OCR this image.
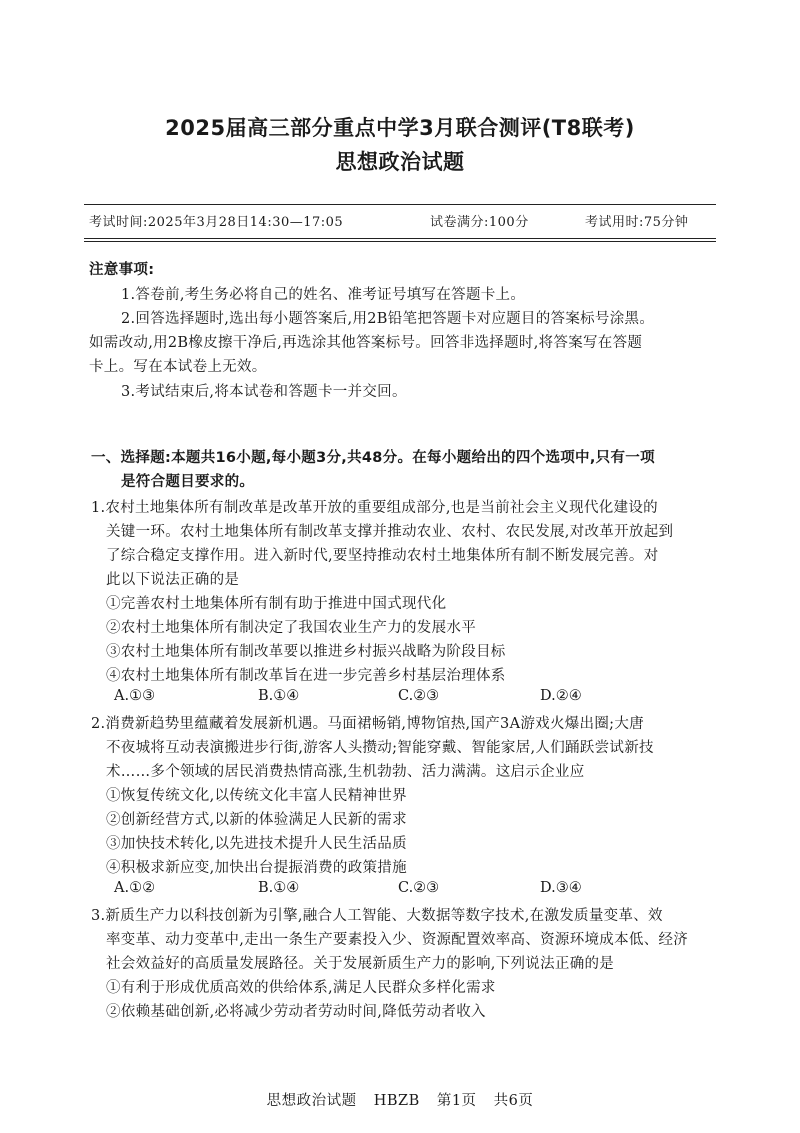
2025届高三部分重点中学3月联合测评(T8联考)
思想政治试题
考试时间:2025年3月28日14:30—17:05	试卷满分:100分	考试用时:75分钟
注意事项:
1.答卷前,考生务必将自己的姓名、准考证号填写在答题卡上。
2.回答选择题时,选出每小题答案后,用2B铅笔把答题卡对应题目的答案标号涂黑。
如需改动,用2B橡皮擦干净后,再选涂其他答案标号。回答非选择题时,将答案写在答题
卡上。写在本试卷上无效。
3.考试结束后,将本试卷和答题卡一并交回。
一、选择题:本题共16小题,每小题3分,共48分。在每小题给出的四个选项中,只有一项
是符合题目要求的。
1.农村土地集体所有制改革是改革开放的重要组成部分,也是当前社会主义现代化建设的
关键一环。农村土地集体所有制改革支撑并推动农业、农村、农民发展,对改革开放起到
了综合稳定支撑作用。进入新时代,要坚持推动农村土地集体所有制不断发展完善。对
此以下说法正确的是
①完善农村土地集体所有制有助于推进中国式现代化
②农村土地集体所有制决定了我国农业生产力的发展水平
③农村土地集体所有制改革要以推进乡村振兴战略为阶段目标
④农村土地集体所有制改革旨在进一步完善乡村基层治理体系
A.①③	B.①④	C.②③	D.②④
2.消费新趋势里蕴藏着发展新机遇。马面裙畅销,博物馆热,国产3A游戏火爆出圈;大唐
不夜城将互动表演搬进步行街,游客人头攒动;智能穿戴、智能家居,人们踊跃尝试新技
术……多个领域的居民消费热情高涨,生机勃勃、活力满满。这启示企业应
①恢复传统文化,以传统文化丰富人民精神世界
②创新经营方式,以新的体验满足人民新的需求
③加快技术转化,以先进技术提升人民生活品质
④积极求新应变,加快出台提振消费的政策措施
A.①②	B.①④	C.②③	D.③④
3.新质生产力以科技创新为引擎,融合人工智能、大数据等数字技术,在激发质量变革、效
率变革、动力变革中,走出一条生产要素投入少、资源配置效率高、资源环境成本低、经济
社会效益好的高质量发展路径。关于发展新质生产力的影响,下列说法正确的是
①有利于形成优质高效的供给体系,满足人民群众多样化需求
②依赖基础创新,必将减少劳动者劳动时间,降低劳动者收入
思想政治试题 HBZB 第1页 共6页
